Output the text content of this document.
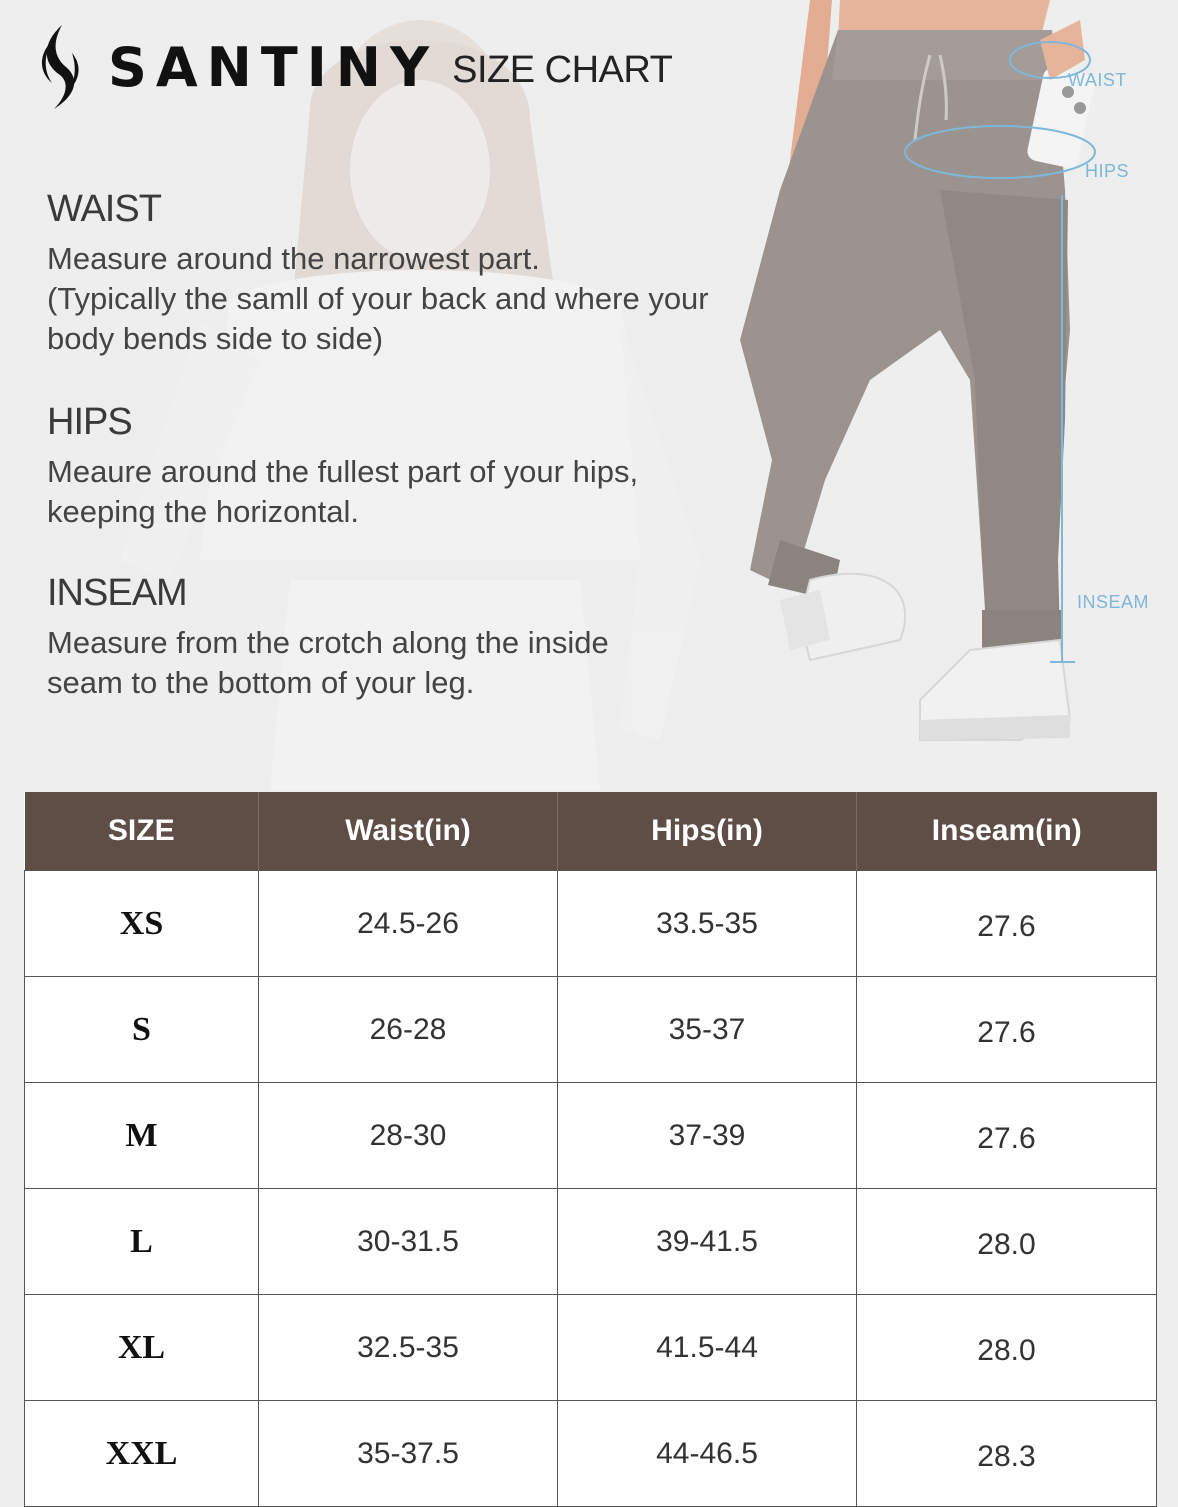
SANTINY SIZE CHART
WAIST

Measure around the narrowest part.
(Typically the samll of your back and where your
body bends side to side)

HIPS

Meaure around the fullest part of your hips,
keeping the horizontal.

INSEAM

Measure from the crotch along the inside
seam to the bottom of your leg.

WAIST
HIPS
INSEAM
SIZE	Waist(in)	Hips(in)	Inseam(in)
XS	24.5-26	33.5-35	27.6
S	26-28	35-37	27.6
M	28-30	37-39	27.6
L	30-31.5	39-41.5	28.0
XL	32.5-35	41.5-44	28.0
XXL	35-37.5	44-46.5	28.3
